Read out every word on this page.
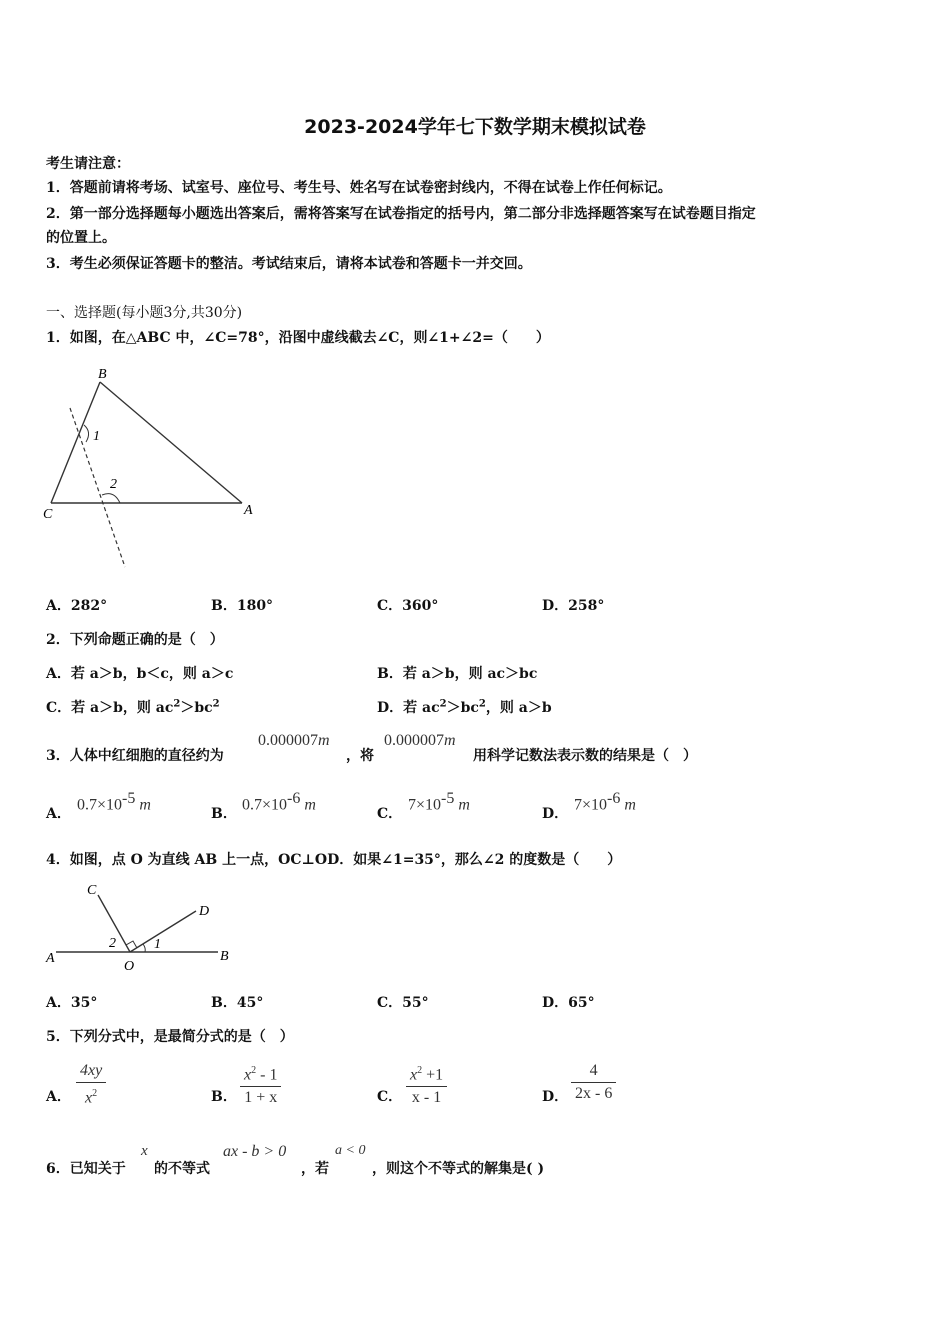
2023-2024学年七下数学期末模拟试卷
考生请注意：
1．答题前请将考场、试室号、座位号、考生号、姓名写在试卷密封线内，不得在试卷上作任何标记。
2．第一部分选择题每小题选出答案后，需将答案写在试卷指定的括号内，第二部分非选择题答案写在试卷题目指定
的位置上。
3．考生必须保证答题卡的整洁。考试结束后，请将本试卷和答题卡一并交回。
一、选择题(每小题3分,共30分)
1．如图，在△ABC 中，∠C=78°，沿图中虚线截去∠C，则∠1+∠2=（　　）
B
C	A
1
2
A．282°	B．180°	C．360°	D．258°
2．下列命题正确的是（　）
A．若 a＞b，b＜c，则 a＞c	B．若 a＞b，则 ac＞bc
C．若 a＞b，则 $ac^2>bc^2$	D．若 $ac^2>bc^2$，则 a＞b
3．人体中红细胞的直径约为
0.000007m
，将
0.000007m
用科学记数法表示数的结果是（　）
A．
$0.7\times 10^{-5}$ m
B．
$0.7\times 10^{-6}$ m
C．
$7\times 10^{-5}$ m
D．
$7\times 10^{-6}$ m
4．如图，点 O 为直线 AB 上一点，OC⊥OD．如果∠1=35°，那么∠2 的度数是（　　）
A	B
C
D
O
1
2
A．35°	B．45°	C．55°	D．65°
5．下列分式中，是最简分式的是（　）
A． $\frac{4xy}{x^2}$	B． $\frac{x^2 - 1}{1 + x}$	C． $\frac{x^2 +1}{x - 1}$	D． $\frac{4}{2x - 6}$
6．已知关于
x
的不等式
ax - b > 0
，若
a < 0
，则这个不等式的解集是( )
